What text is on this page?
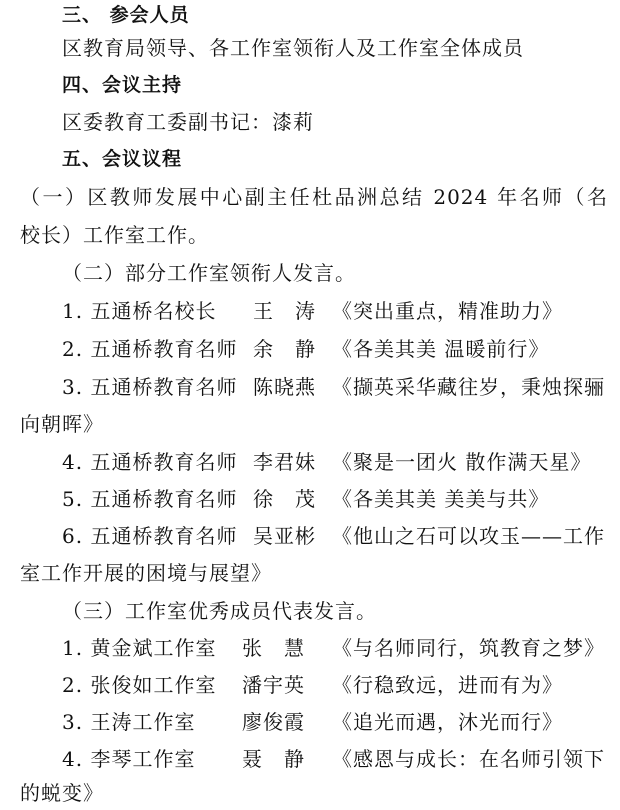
三、 参会人员
区教育局领导、各工作室领衔人及工作室全体成员
四、会议主持
区委教育工委副书记：漆莉
五、会议议程
（一）区教师发展中心副主任杜品洲总结 2024 年名师（名
校长）工作室工作。
（二）部分工作室领衔人发言。
1. 五通桥名校长 王　涛 《突出重点，精准助力》
2. 五通桥教育名师 余　静 《各美其美 温暖前行》
3. 五通桥教育名师 陈晓燕 《撷英采华藏往岁，秉烛探骊
向朝晖》
4. 五通桥教育名师 李君妹 《聚是一团火 散作满天星》
5. 五通桥教育名师 徐　茂 《各美其美 美美与共》
6. 五通桥教育名师 吴亚彬 《他山之石可以攻玉——工作
室工作开展的困境与展望》
（三）工作室优秀成员代表发言。
1. 黄金斌工作室 张　慧 《与名师同行，筑教育之梦》
2. 张俊如工作室 潘宇英 《行稳致远，进而有为》
3. 王涛工作室 廖俊霞 《追光而遇，沐光而行》
4. 李琴工作室 聂　静 《感恩与成长：在名师引领下
的蜕变》
